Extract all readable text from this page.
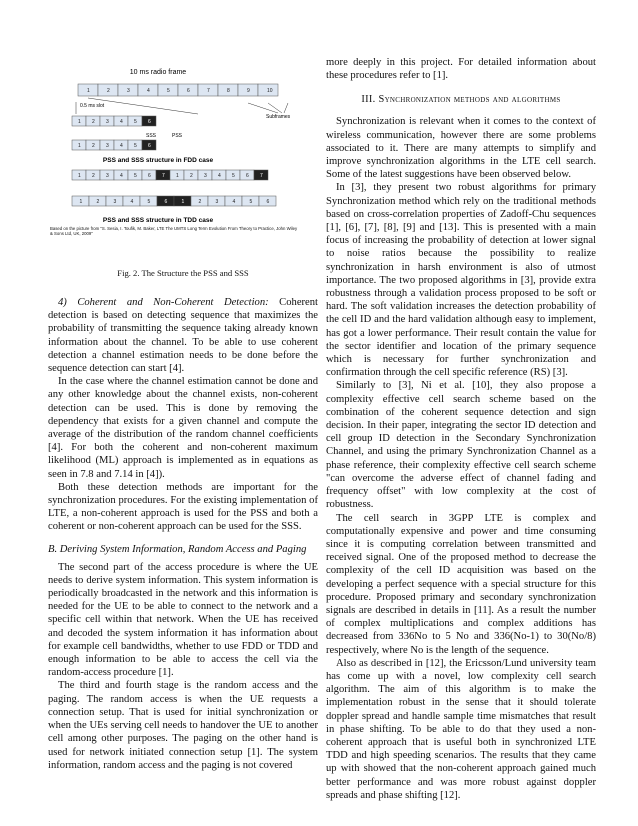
10 ms radio frame
1	2	3	4	5	6	7	8	9	10
0.5 ms slot
Subframes
1 2 3 4 5 6
SSS	PSS
1 2 3 4 5 6
PSS and SSS structure in FDD case
1 2 3 4 5 6 7 1 2 3 4 5 6 7
1	2	3	4	5	6	1	2	3	4	5	6
PSS and SSS structure in TDD case
Based on the picture from "S. Sesia, I. Toufik, M. Baker, LTE The UMTS Long Term Evolution From Theory to Practice, John Wiley & Sons Ltd, UK, 2009"

Fig. 2. The Structure the PSS and SSS

4) Coherent and Non-Coherent Detection: Coherent detection is based on detecting sequence that maximizes the probability of transmitting the sequence taking already known information about the channel. To be able to use coherent detection a channel estimation needs to be done before the sequence detection can start [4].

In the case where the channel estimation cannot be done and any other knowledge about the channel exists, non-coherent detection can be used. This is done by removing the dependency that exists for a given channel and compute the average of the distribution of the random channel coefficients [4]. For both the coherent and non-coherent maximum likelihood (ML) approach is implemented as in equations as seen in 7.8 and 7.14 in [4]).

Both these detection methods are important for the synchronization procedures. For the existing implementation of LTE, a non-coherent approach is used for the PSS and both a coherent or non-coherent approach can be used for the SSS.

B. Deriving System Information, Random Access and Paging

The second part of the access procedure is where the UE needs to derive system information. This system information is periodically broadcasted in the network and this information is needed for the UE to be able to connect to the network and a specific cell within that network. When the UE has received and decoded the system information it has information about for example cell bandwidths, whether to use FDD or TDD and enough information to be able to access the cell via the random-access procedure [1].

The third and fourth stage is the random access and the paging. The random access is when the UE requests a connection setup. That is used for initial synchronization or when the UEs serving cell needs to handover the UE to another cell among other purposes. The paging on the other hand is used for network initiated connection setup [1]. The system information, random access and the paging is not covered

more deeply in this project. For detailed information about these procedures refer to [1].

III. Synchronization methods and algorithms

Synchronization is relevant when it comes to the context of wireless communication, however there are some problems associated to it. There are many attempts to simplify and improve synchronization algorithms in the LTE cell search. Some of the latest suggestions have been observed below.

In [3], they present two robust algorithms for primary Synchronization method which rely on the traditional methods based on cross-correlation properties of Zadoff-Chu sequences [1], [6], [7], [8], [9] and [13]. This is presented with a main focus of increasing the probability of detection at lower signal to noise ratios because the possibility to realize synchronization in harsh environment is also of utmost importance. The two proposed algorithms in [3], provide extra robustness through a validation process proposed to be soft or hard. The soft validation increases the detection probability of the cell ID and the hard validation although easy to implement, has got a lower performance. Their result contain the value for the sector identifier and location of the primary sequence which is necessary for further synchronization and confirmation through the cell specific reference (RS) [3].

Similarly to [3], Ni et al. [10], they also propose a complexity effective cell search scheme based on the combination of the coherent sequence detection and sign decision. In their paper, integrating the sector ID detection and cell group ID detection in the Secondary Synchronization Channel, and using the primary Synchronization Channel as a phase reference, their complexity effective cell search scheme "can overcome the adverse effect of channel fading and frequency offset" with low complexity at the cost of robustness.

The cell search in 3GPP LTE is complex and computationally expensive and power and time consuming since it is computing correlation between transmitted and received signal. One of the proposed method to decrease the complexity of the cell ID acquisition was based on the developing a perfect sequence with a special structure for this procedure. Proposed primary and secondary synchronization signals are described in details in [11]. As a result the number of complex multiplications and complex additions has decreased from 336No to 5 No and 336(No-1) to 30(No/8) respectively, where No is the length of the sequence.

Also as described in [12], the Ericsson/Lund university team has come up with a novel, low complexity cell search algorithm. The aim of this algorithm is to make the implementation robust in the sense that it should tolerate doppler spread and handle sample time mismatches that result in phase shifting. To be able to do that they used a non-coherent approach that is useful both in synchronized LTE TDD and high speeding scenarios. The results that they came up with showed that the non-coherent approach gained much better performance and was more robust against doppler spreads and phase shifting [12].
